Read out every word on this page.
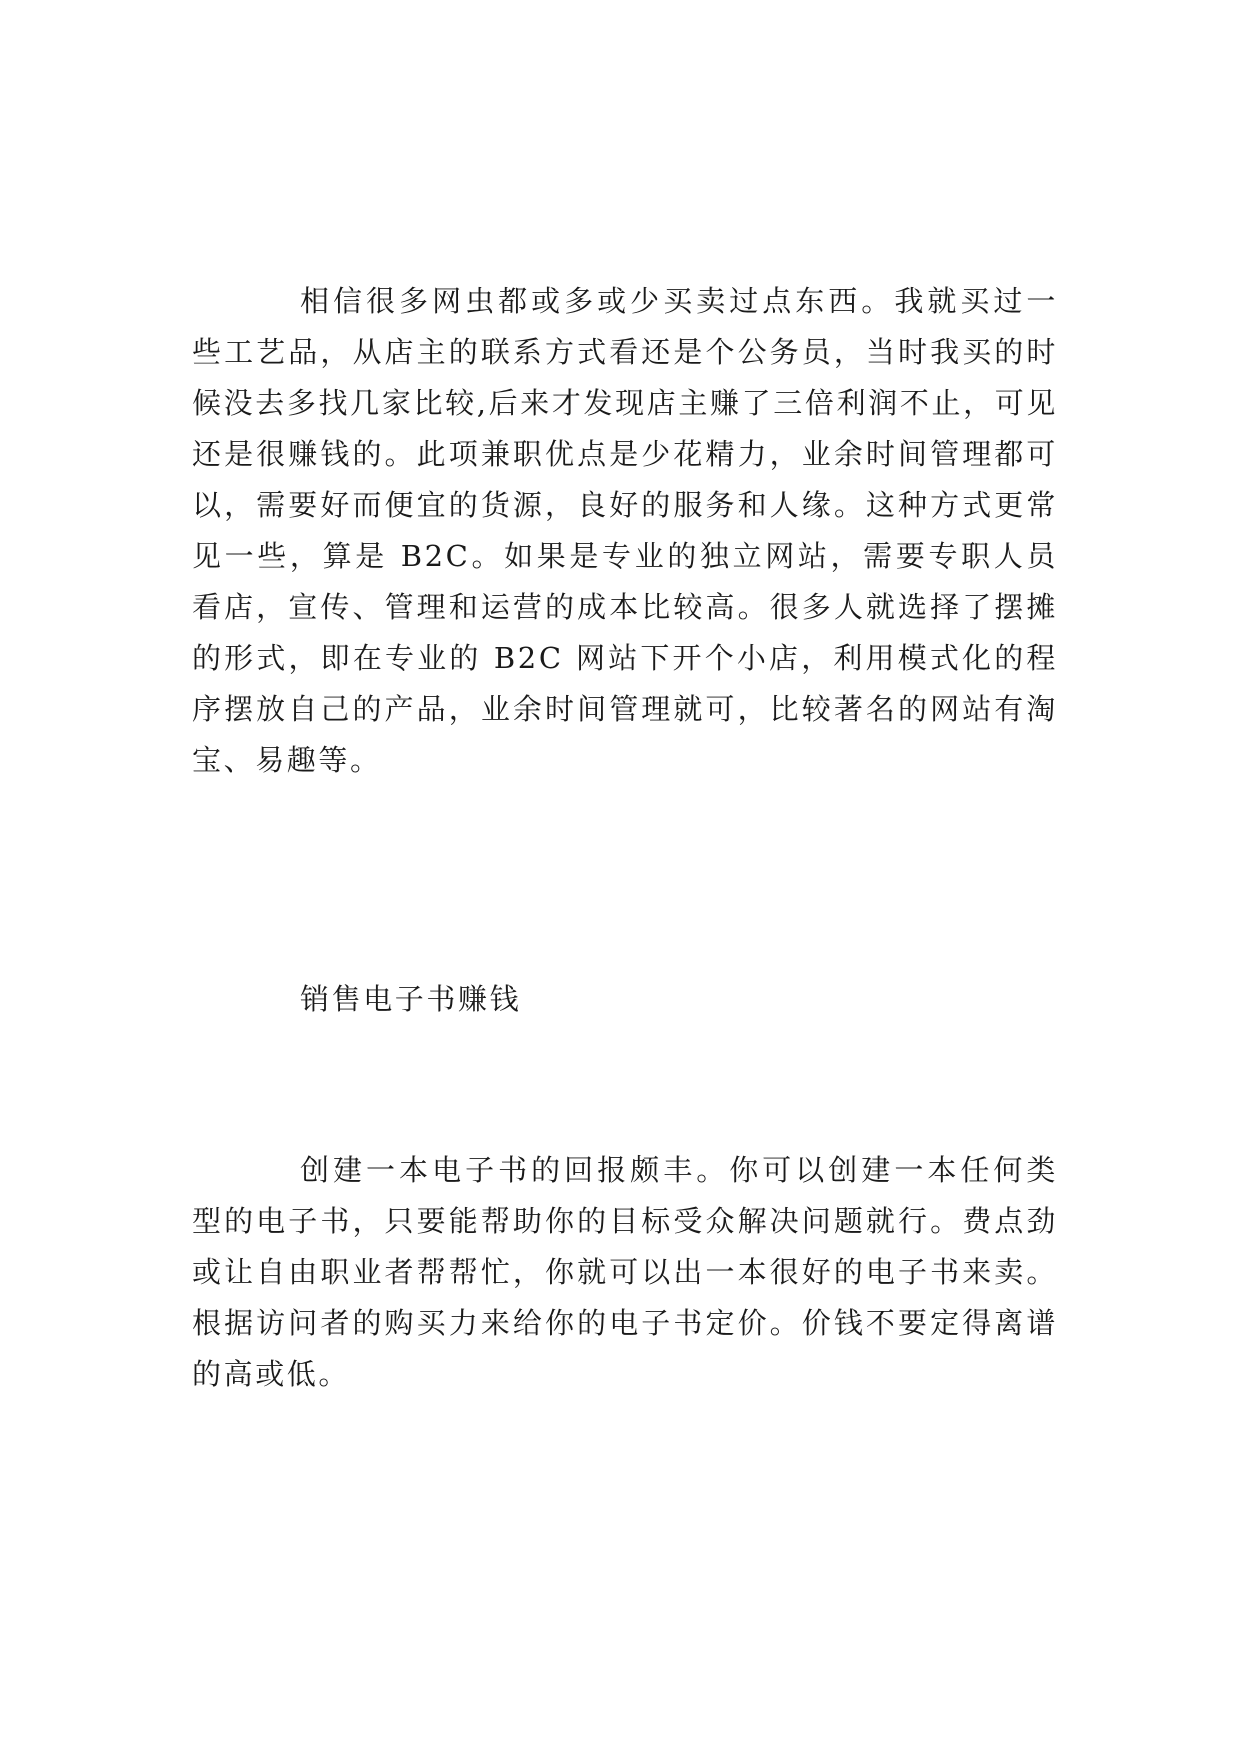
相信很多网虫都或多或少买卖过点东西。我就买过一些工艺品，从店主的联系方式看还是个公务员，当时我买的时候没去多找几家比较,后来才发现店主赚了三倍利润不止，可见还是很赚钱的。此项兼职优点是少花精力，业余时间管理都可以，需要好而便宜的货源，良好的服务和人缘。这种方式更常见一些，算是 B2C。如果是专业的独立网站，需要专职人员看店，宣传、管理和运营的成本比较高。很多人就选择了摆摊的形式，即在专业的 B2C 网站下开个小店，利用模式化的程序摆放自己的产品，业余时间管理就可，比较著名的网站有淘宝、易趣等。

销售电子书赚钱

创建一本电子书的回报颇丰。你可以创建一本任何类型的电子书，只要能帮助你的目标受众解决问题就行。费点劲或让自由职业者帮帮忙，你就可以出一本很好的电子书来卖。根据访问者的购买力来给你的电子书定价。价钱不要定得离谱的高或低。
